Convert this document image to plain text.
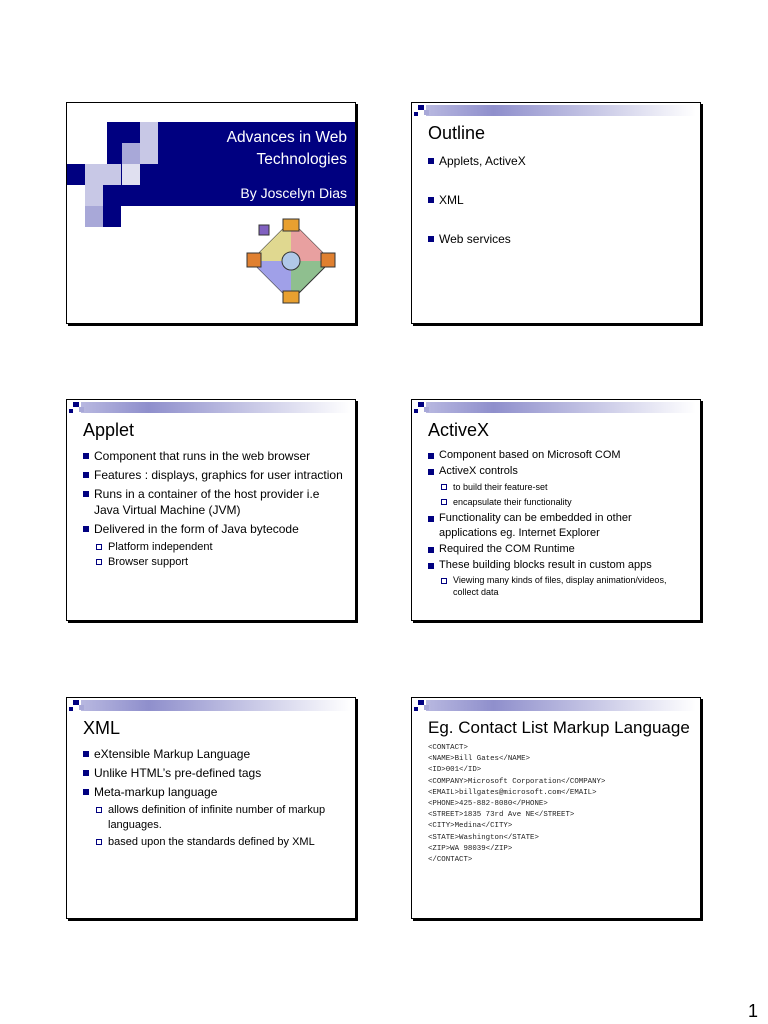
Advances in Web Technologies
By Joscelyn Dias
Outline
Applets, ActiveX
XML
Web services
Applet
Component that runs in the web browser
Features : displays, graphics for user intraction
Runs in a container of the host provider i.e Java Virtual Machine (JVM)
Delivered in the form of Java bytecode
Platform independent
Browser support
ActiveX
Component based on Microsoft COM
ActiveX controls
to build their feature-set
encapsulate their functionality
Functionality can be embedded in other applications eg. Internet Explorer
Required the COM Runtime
These building blocks result in custom apps
Viewing many kinds of files, display animation/videos, collect data
XML
eXtensible Markup Language
Unlike HTML’s pre-defined tags
Meta-markup language
allows definition of infinite number of markup languages.
based upon the standards defined by XML
Eg. Contact List Markup Language
<CONTACT>
<NAME>Bill Gates</NAME>
<ID>001</ID>
<COMPANY>Microsoft Corporation</COMPANY>
<EMAIL>billgates@microsoft.com</EMAIL>
<PHONE>425-882-8080</PHONE>
<STREET>1835 73rd Ave NE</STREET>
<CITY>Medina</CITY>
<STATE>Washington</STATE>
<ZIP>WA 98039</ZIP>
</CONTACT>
1
